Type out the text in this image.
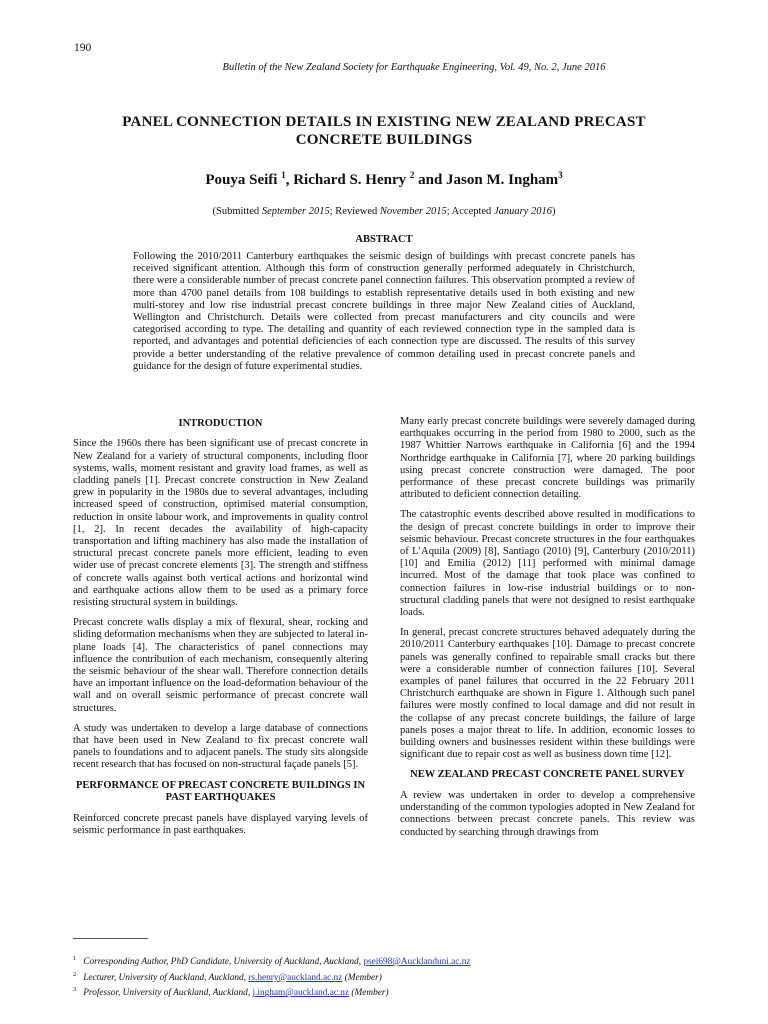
190
Bulletin of the New Zealand Society for Earthquake Engineering, Vol. 49, No. 2, June 2016
PANEL CONNECTION DETAILS IN EXISTING NEW ZEALAND PRECAST CONCRETE BUILDINGS
Pouya Seifi $^1$, Richard S. Henry $^2$ and Jason M. Ingham$^3$
(Submitted September 2015; Reviewed November 2015; Accepted January 2016)
ABSTRACT

Following the 2010/2011 Canterbury earthquakes the seismic design of buildings with precast concrete panels has received significant attention. Although this form of construction generally performed adequately in Christchurch, there were a considerable number of precast concrete panel connection failures. This observation prompted a review of more than 4700 panel details from 108 buildings to establish representative details used in both existing and new multi-storey and low rise industrial precast concrete buildings in three major New Zealand cities of Auckland, Wellington and Christchurch. Details were collected from precast manufacturers and city councils and were categorised according to type. The detailing and quantity of each reviewed connection type in the sampled data is reported, and advantages and potential deficiencies of each connection type are discussed. The results of this survey provide a better understanding of the relative prevalence of common detailing used in precast concrete panels and guidance for the design of future experimental studies.

INTRODUCTION

Since the 1960s there has been significant use of precast concrete in New Zealand for a variety of structural components, including floor systems, walls, moment resistant and gravity load frames, as well as cladding panels [1]. Precast concrete construction in New Zealand grew in popularity in the 1980s due to several advantages, including increased speed of construction, optimised material consumption, reduction in onsite labour work, and improvements in quality control [1, 2]. In recent decades the availability of high-capacity transportation and lifting machinery has also made the installation of structural precast concrete panels more efficient, leading to even wider use of precast concrete elements [3]. The strength and stiffness of concrete walls against both vertical actions and horizontal wind and earthquake actions allow them to be used as a primary force resisting structural system in buildings.

Precast concrete walls display a mix of flexural, shear, rocking and sliding deformation mechanisms when they are subjected to lateral in-plane loads [4]. The characteristics of panel connections may influence the contribution of each mechanism, consequently altering the seismic behaviour of the shear wall. Therefore connection details have an important influence on the load-deformation behaviour of the wall and on overall seismic performance of precast concrete wall structures.

A study was undertaken to develop a large database of connections that have been used in New Zealand to fix precast concrete wall panels to foundations and to adjacent panels. The study sits alongside recent research that has focused on non-structural façade panels [5].

PERFORMANCE OF PRECAST CONCRETE BUILDINGS IN PAST EARTHQUAKES

Reinforced concrete precast panels have displayed varying levels of seismic performance in past earthquakes.

Many early precast concrete buildings were severely damaged during earthquakes occurring in the period from 1980 to 2000, such as the 1987 Whittier Narrows earthquake in California [6] and the 1994 Northridge earthquake in California [7], where 20 parking buildings using precast concrete construction were damaged. The poor performance of these precast concrete buildings was primarily attributed to deficient connection detailing.

The catastrophic events described above resulted in modifications to the design of precast concrete buildings in order to improve their seismic behaviour. Precast concrete structures in the four earthquakes of L’Aquila (2009) [8], Santiago (2010) [9], Canterbury (2010/2011) [10] and Emilia (2012) [11] performed with minimal damage incurred. Most of the damage that took place was confined to connection failures in low-rise industrial buildings or to non-structural cladding panels that were not designed to resist earthquake loads.

In general, precast concrete structures behaved adequately during the 2010/2011 Canterbury earthquakes [10]. Damage to precast concrete panels was generally confined to repairable small cracks but there were a considerable number of connection failures [10]. Several examples of panel failures that occurred in the 22 February 2011 Christchurch earthquake are shown in Figure 1. Although such panel failures were mostly confined to local damage and did not result in the collapse of any precast concrete buildings, the failure of large panels poses a major threat to life. In addition, economic losses to building owners and businesses resident within these buildings were significant due to repair cost as well as business down time [12].

NEW ZEALAND PRECAST CONCRETE PANEL SURVEY

A review was undertaken in order to develop a comprehensive understanding of the common typologies adopted in New Zealand for connections between precast concrete panels. This review was conducted by searching through drawings from

$^1$ Corresponding Author, PhD Candidate, University of Auckland, Auckland, psei698@Aucklanduni.ac.nz
$^2$ Lecturer, University of Auckland, Auckland, rs.henry@auckland.ac.nz (Member)
$^3$ Professor, University of Auckland, Auckland, j.ingham@auckland.ac.nz (Member)
